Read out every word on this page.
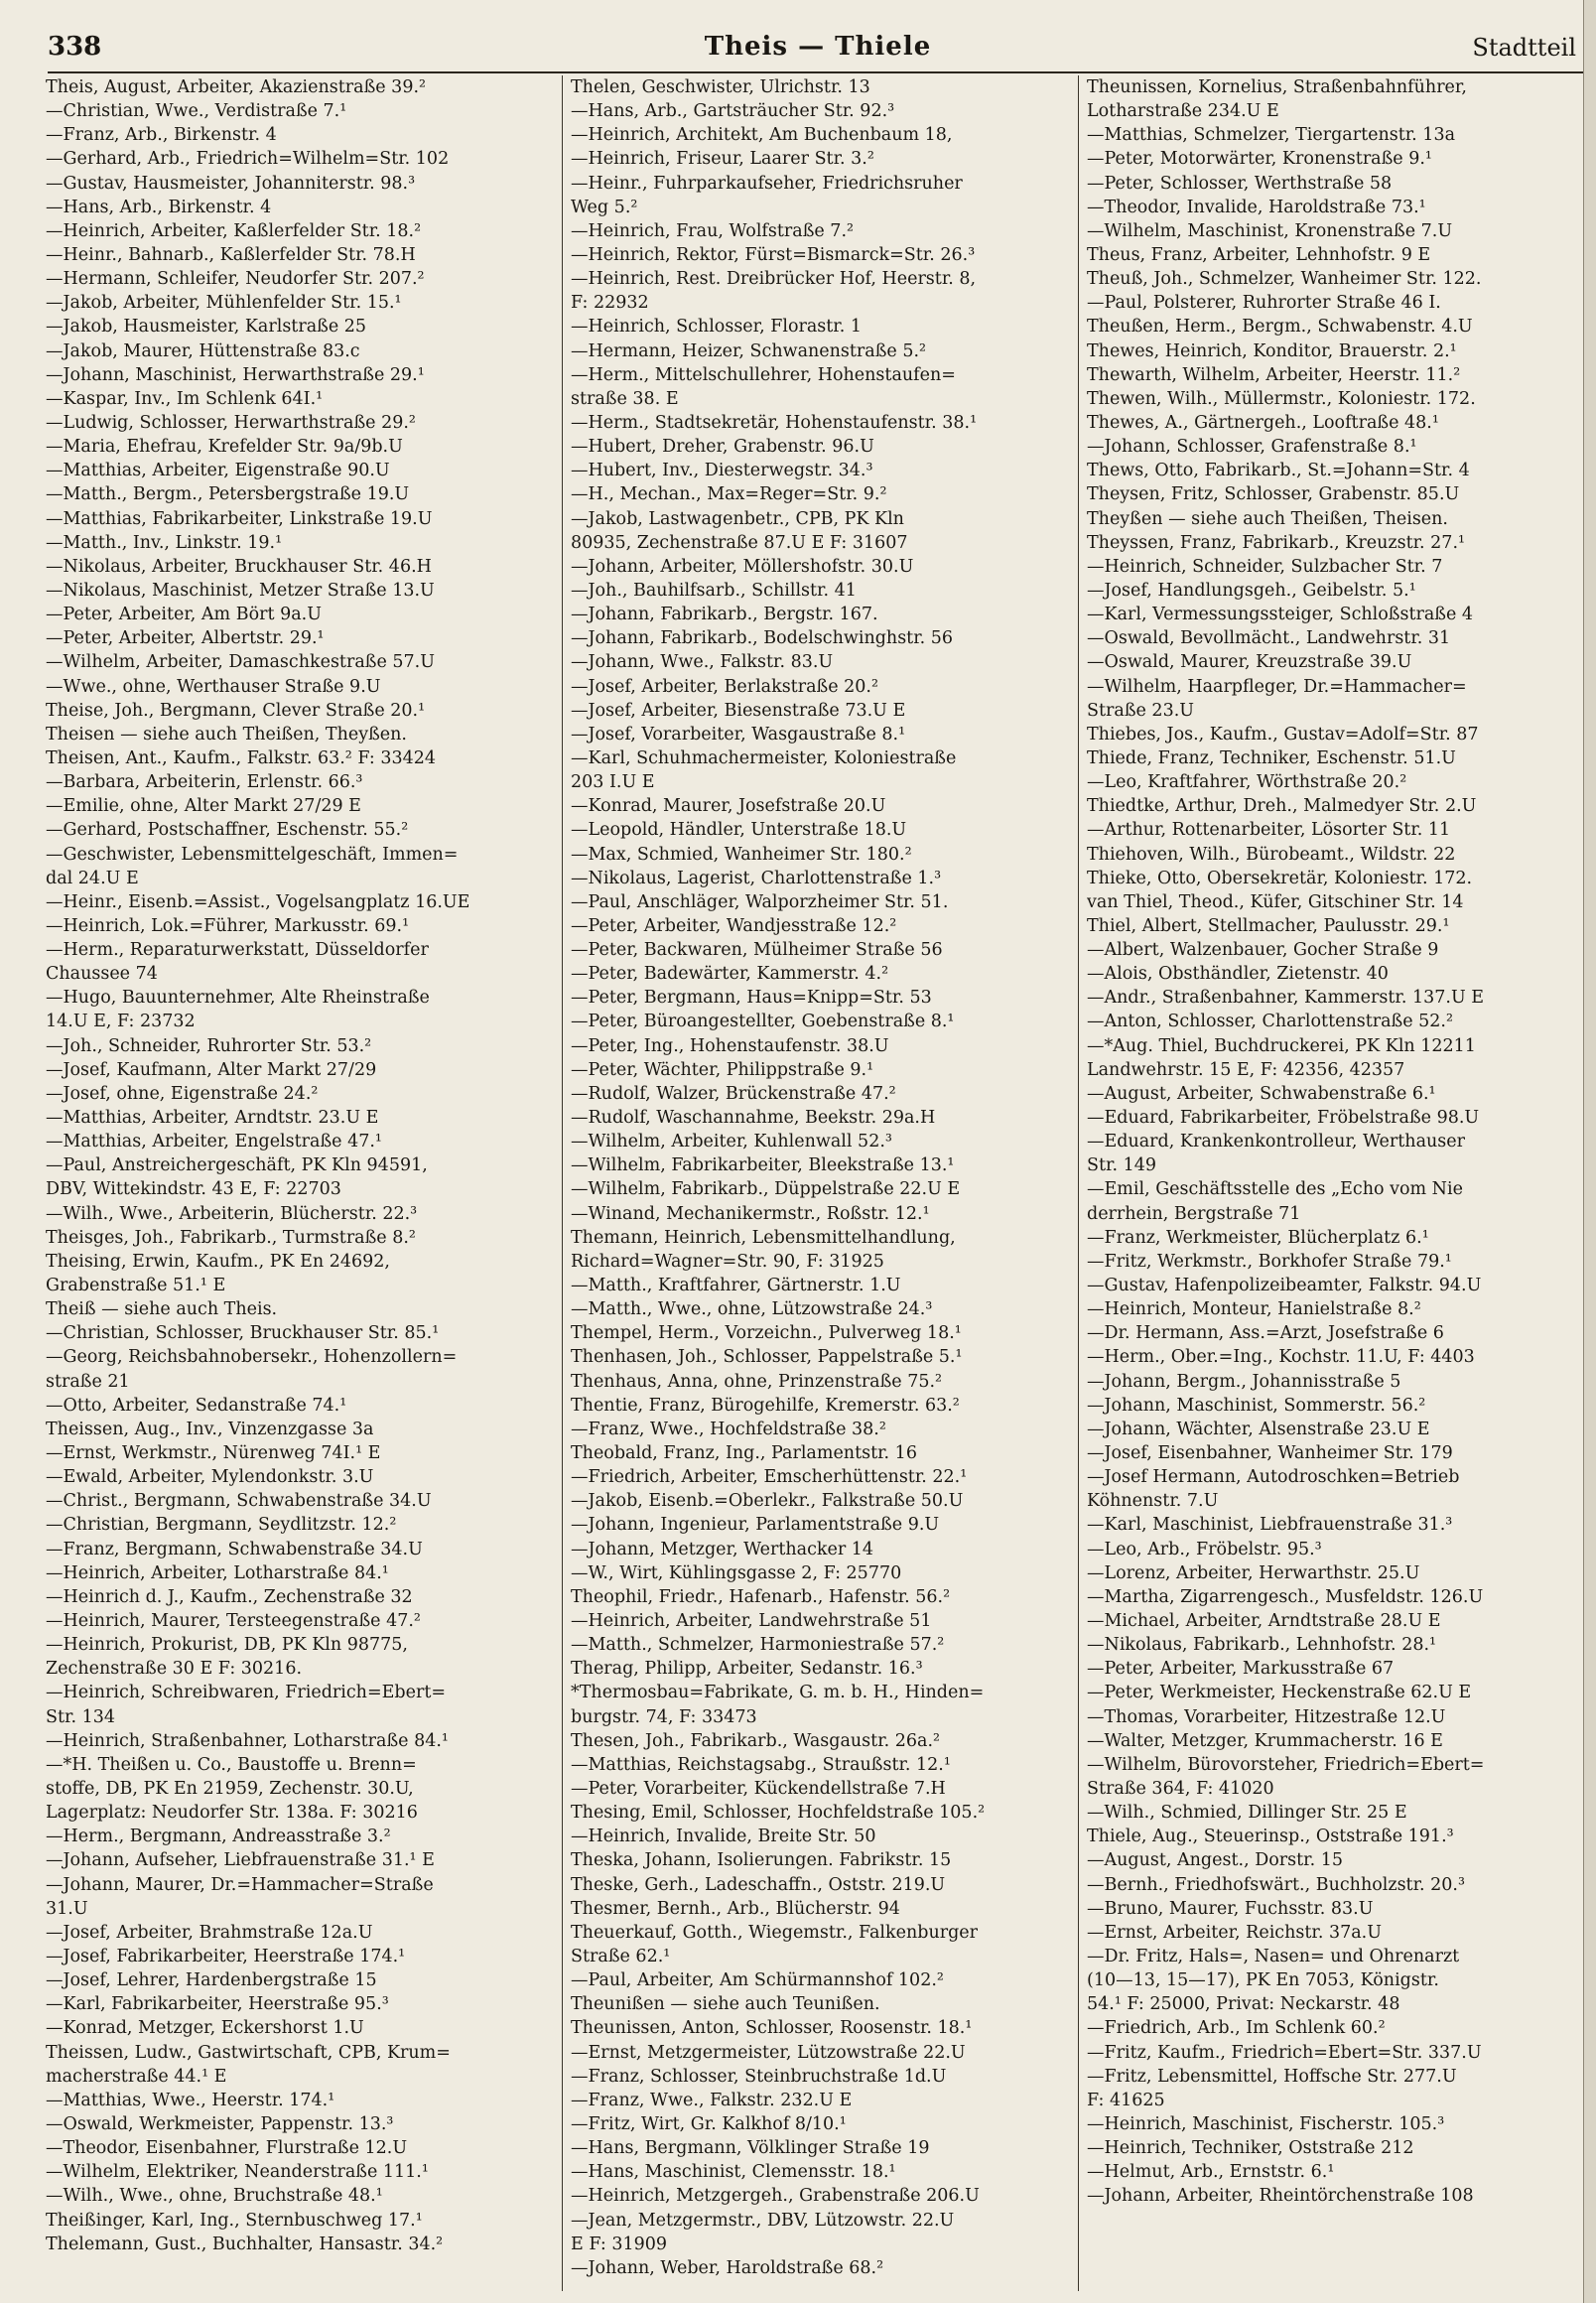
338	Theis — Thiele	Stadtteil
Theis, August, Arbeiter, Akazienstraße 39.²
—Christian, Wwe., Verdistraße 7.¹
—Franz, Arb., Birkenstr. 4
—Gerhard, Arb., Friedrich=Wilhelm=Str. 102
—Gustav, Hausmeister, Johanniterstr. 98.³
—Hans, Arb., Birkenstr. 4
—Heinrich, Arbeiter, Kaßlerfelder Str. 18.²
—Heinr., Bahnarb., Kaßlerfelder Str. 78.H
—Hermann, Schleifer, Neudorfer Str. 207.²
—Jakob, Arbeiter, Mühlenfelder Str. 15.¹
—Jakob, Hausmeister, Karlstraße 25
—Jakob, Maurer, Hüttenstraße 83.c
—Johann, Maschinist, Herwarthstraße 29.¹
—Kaspar, Inv., Im Schlenk 64I.¹
—Ludwig, Schlosser, Herwarthstraße 29.²
—Maria, Ehefrau, Krefelder Str. 9a/9b.U
—Matthias, Arbeiter, Eigenstraße 90.U
—Matth., Bergm., Petersbergstraße 19.U
—Matthias, Fabrikarbeiter, Linkstraße 19.U
—Matth., Inv., Linkstr. 19.¹
—Nikolaus, Arbeiter, Bruckhauser Str. 46.H
—Nikolaus, Maschinist, Metzer Straße 13.U
—Peter, Arbeiter, Am Bört 9a.U
—Peter, Arbeiter, Albertstr. 29.¹
—Wilhelm, Arbeiter, Damaschkestraße 57.U
—Wwe., ohne, Werthauser Straße 9.U
Theise, Joh., Bergmann, Clever Straße 20.¹
Theisen — siehe auch Theißen, Theyßen.
Theisen, Ant., Kaufm., Falkstr. 63.² F: 33424
—Barbara, Arbeiterin, Erlenstr. 66.³
—Emilie, ohne, Alter Markt 27/29 E
—Gerhard, Postschaffner, Eschenstr. 55.²
—Geschwister, Lebensmittelgeschäft, Immen=
dal 24.U E
—Heinr., Eisenb.=Assist., Vogelsangplatz 16.UE
—Heinrich, Lok.=Führer, Markusstr. 69.¹
—Herm., Reparaturwerkstatt, Düsseldorfer
Chaussee 74
—Hugo, Bauunternehmer, Alte Rheinstraße
14.U E, F: 23732
—Joh., Schneider, Ruhrorter Str. 53.²
—Josef, Kaufmann, Alter Markt 27/29
—Josef, ohne, Eigenstraße 24.²
—Matthias, Arbeiter, Arndtstr. 23.U E
—Matthias, Arbeiter, Engelstraße 47.¹
—Paul, Anstreichergeschäft, PK Kln 94591,
DBV, Wittekindstr. 43 E, F: 22703
—Wilh., Wwe., Arbeiterin, Blücherstr. 22.³
Theisges, Joh., Fabrikarb., Turmstraße 8.²
Theising, Erwin, Kaufm., PK En 24692,
Grabenstraße 51.¹ E
Theiß — siehe auch Theis.
—Christian, Schlosser, Bruckhauser Str. 85.¹
—Georg, Reichsbahnobersekr., Hohenzollern=
straße 21
—Otto, Arbeiter, Sedanstraße 74.¹
Theissen, Aug., Inv., Vinzenzgasse 3a
—Ernst, Werkmstr., Nürenweg 74I.¹ E
—Ewald, Arbeiter, Mylendonkstr. 3.U
—Christ., Bergmann, Schwabenstraße 34.U
—Christian, Bergmann, Seydlitzstr. 12.²
—Franz, Bergmann, Schwabenstraße 34.U
—Heinrich, Arbeiter, Lotharstraße 84.¹
—Heinrich d. J., Kaufm., Zechenstraße 32
—Heinrich, Maurer, Tersteegenstraße 47.²
—Heinrich, Prokurist, DB, PK Kln 98775,
Zechenstraße 30 E F: 30216.
—Heinrich, Schreibwaren, Friedrich=Ebert=
Str. 134
—Heinrich, Straßenbahner, Lotharstraße 84.¹
—*H. Theißen u. Co., Baustoffe u. Brenn=
stoffe, DB, PK En 21959, Zechenstr. 30.U,
Lagerplatz: Neudorfer Str. 138a. F: 30216
—Herm., Bergmann, Andreasstraße 3.²
—Johann, Aufseher, Liebfrauenstraße 31.¹ E
—Johann, Maurer, Dr.=Hammacher=Straße
31.U
—Josef, Arbeiter, Brahmstraße 12a.U
—Josef, Fabrikarbeiter, Heerstraße 174.¹
—Josef, Lehrer, Hardenbergstraße 15
—Karl, Fabrikarbeiter, Heerstraße 95.³
—Konrad, Metzger, Eckershorst 1.U
Theissen, Ludw., Gastwirtschaft, CPB, Krum=
macherstraße 44.¹ E
—Matthias, Wwe., Heerstr. 174.¹
—Oswald, Werkmeister, Pappenstr. 13.³
—Theodor, Eisenbahner, Flurstraße 12.U
—Wilhelm, Elektriker, Neanderstraße 111.¹
—Wilh., Wwe., ohne, Bruchstraße 48.¹
Theißinger, Karl, Ing., Sternbuschweg 17.¹
Thelemann, Gust., Buchhalter, Hansastr. 34.²
Thelen, Geschwister, Ulrichstr. 13
—Hans, Arb., Gartsträucher Str. 92.³
—Heinrich, Architekt, Am Buchenbaum 18,
—Heinrich, Friseur, Laarer Str. 3.²
—Heinr., Fuhrparkaufseher, Friedrichsruher
Weg 5.²
—Heinrich, Frau, Wolfstraße 7.²
—Heinrich, Rektor, Fürst=Bismarck=Str. 26.³
—Heinrich, Rest. Dreibrücker Hof, Heerstr. 8,
F: 22932
—Heinrich, Schlosser, Florastr. 1
—Hermann, Heizer, Schwanenstraße 5.²
—Herm., Mittelschullehrer, Hohenstaufen=
straße 38. E
—Herm., Stadtsekretär, Hohenstaufenstr. 38.¹
—Hubert, Dreher, Grabenstr. 96.U
—Hubert, Inv., Diesterwegstr. 34.³
—H., Mechan., Max=Reger=Str. 9.²
—Jakob, Lastwagenbetr., CPB, PK Kln
80935, Zechenstraße 87.U E F: 31607
—Johann, Arbeiter, Möllershofstr. 30.U
—Joh., Bauhilfsarb., Schillstr. 41
—Johann, Fabrikarb., Bergstr. 167.
—Johann, Fabrikarb., Bodelschwinghstr. 56
—Johann, Wwe., Falkstr. 83.U
—Josef, Arbeiter, Berlakstraße 20.²
—Josef, Arbeiter, Biesenstraße 73.U E
—Josef, Vorarbeiter, Wasgaustraße 8.¹
—Karl, Schuhmachermeister, Koloniestraße
203 I.U E
—Konrad, Maurer, Josefstraße 20.U
—Leopold, Händler, Unterstraße 18.U
—Max, Schmied, Wanheimer Str. 180.²
—Nikolaus, Lagerist, Charlottenstraße 1.³
—Paul, Anschläger, Walporzheimer Str. 51.
—Peter, Arbeiter, Wandjesstraße 12.²
—Peter, Backwaren, Mülheimer Straße 56
—Peter, Badewärter, Kammerstr. 4.²
—Peter, Bergmann, Haus=Knipp=Str. 53
—Peter, Büroangestellter, Goebenstraße 8.¹
—Peter, Ing., Hohenstaufenstr. 38.U
—Peter, Wächter, Philippstraße 9.¹
—Rudolf, Walzer, Brückenstraße 47.²
—Rudolf, Waschannahme, Beekstr. 29a.H
—Wilhelm, Arbeiter, Kuhlenwall 52.³
—Wilhelm, Fabrikarbeiter, Bleekstraße 13.¹
—Wilhelm, Fabrikarb., Düppelstraße 22.U E
—Winand, Mechanikermstr., Roßstr. 12.¹
Themann, Heinrich, Lebensmittelhandlung,
Richard=Wagner=Str. 90, F: 31925
—Matth., Kraftfahrer, Gärtnerstr. 1.U
—Matth., Wwe., ohne, Lützowstraße 24.³
Thempel, Herm., Vorzeichn., Pulverweg 18.¹
Thenhasen, Joh., Schlosser, Pappelstraße 5.¹
Thenhaus, Anna, ohne, Prinzenstraße 75.²
Thentie, Franz, Bürogehilfe, Kremerstr. 63.²
—Franz, Wwe., Hochfeldstraße 38.²
Theobald, Franz, Ing., Parlamentstr. 16
—Friedrich, Arbeiter, Emscherhüttenstr. 22.¹
—Jakob, Eisenb.=Oberlekr., Falkstraße 50.U
—Johann, Ingenieur, Parlamentstraße 9.U
—Johann, Metzger, Werthacker 14
—W., Wirt, Kühlingsgasse 2, F: 25770
Theophil, Friedr., Hafenarb., Hafenstr. 56.²
—Heinrich, Arbeiter, Landwehrstraße 51
—Matth., Schmelzer, Harmoniestraße 57.²
Therag, Philipp, Arbeiter, Sedanstr. 16.³
*Thermosbau=Fabrikate, G. m. b. H., Hinden=
burgstr. 74, F: 33473
Thesen, Joh., Fabrikarb., Wasgaustr. 26a.²
—Matthias, Reichstagsabg., Straußstr. 12.¹
—Peter, Vorarbeiter, Kückendellstraße 7.H
Thesing, Emil, Schlosser, Hochfeldstraße 105.²
—Heinrich, Invalide, Breite Str. 50
Theska, Johann, Isolierungen. Fabrikstr. 15
Theske, Gerh., Ladeschaffn., Oststr. 219.U
Thesmer, Bernh., Arb., Blücherstr. 94
Theuerkauf, Gotth., Wiegemstr., Falkenburger
Straße 62.¹
—Paul, Arbeiter, Am Schürmannshof 102.²
Theunißen — siehe auch Teunißen.
Theunissen, Anton, Schlosser, Roosenstr. 18.¹
—Ernst, Metzgermeister, Lützowstraße 22.U
—Franz, Schlosser, Steinbruchstraße 1d.U
—Franz, Wwe., Falkstr. 232.U E
—Fritz, Wirt, Gr. Kalkhof 8/10.¹
—Hans, Bergmann, Völklinger Straße 19
—Hans, Maschinist, Clemensstr. 18.¹
—Heinrich, Metzgergeh., Grabenstraße 206.U
—Jean, Metzgermstr., DBV, Lützowstr. 22.U
E F: 31909
—Johann, Weber, Haroldstraße 68.²
Theunissen, Kornelius, Straßenbahnführer,
Lotharstraße 234.U E
—Matthias, Schmelzer, Tiergartenstr. 13a
—Peter, Motorwärter, Kronenstraße 9.¹
—Peter, Schlosser, Werthstraße 58
—Theodor, Invalide, Haroldstraße 73.¹
—Wilhelm, Maschinist, Kronenstraße 7.U
Theus, Franz, Arbeiter, Lehnhofstr. 9 E
Theuß, Joh., Schmelzer, Wanheimer Str. 122.
—Paul, Polsterer, Ruhrorter Straße 46 I.
Theußen, Herm., Bergm., Schwabenstr. 4.U
Thewes, Heinrich, Konditor, Brauerstr. 2.¹
Thewarth, Wilhelm, Arbeiter, Heerstr. 11.²
Thewen, Wilh., Müllermstr., Koloniestr. 172.
Thewes, A., Gärtnergeh., Looftraße 48.¹
—Johann, Schlosser, Grafenstraße 8.¹
Thews, Otto, Fabrikarb., St.=Johann=Str. 4
Theysen, Fritz, Schlosser, Grabenstr. 85.U
Theyßen — siehe auch Theißen, Theisen.
Theyssen, Franz, Fabrikarb., Kreuzstr. 27.¹
—Heinrich, Schneider, Sulzbacher Str. 7
—Josef, Handlungsgeh., Geibelstr. 5.¹
—Karl, Vermessungssteiger, Schloßstraße 4
—Oswald, Bevollmächt., Landwehrstr. 31
—Oswald, Maurer, Kreuzstraße 39.U
—Wilhelm, Haarpfleger, Dr.=Hammacher=
Straße 23.U
Thiebes, Jos., Kaufm., Gustav=Adolf=Str. 87
Thiede, Franz, Techniker, Eschenstr. 51.U
—Leo, Kraftfahrer, Wörthstraße 20.²
Thiedtke, Arthur, Dreh., Malmedyer Str. 2.U
—Arthur, Rottenarbeiter, Lösorter Str. 11
Thiehoven, Wilh., Bürobeamt., Wildstr. 22
Thieke, Otto, Obersekretär, Koloniestr. 172.
van Thiel, Theod., Küfer, Gitschiner Str. 14
Thiel, Albert, Stellmacher, Paulusstr. 29.¹
—Albert, Walzenbauer, Gocher Straße 9
—Alois, Obsthändler, Zietenstr. 40
—Andr., Straßenbahner, Kammerstr. 137.U E
—Anton, Schlosser, Charlottenstraße 52.²
—*Aug. Thiel, Buchdruckerei, PK Kln 12211
Landwehrstr. 15 E, F: 42356, 42357
—August, Arbeiter, Schwabenstraße 6.¹
—Eduard, Fabrikarbeiter, Fröbelstraße 98.U
—Eduard, Krankenkontrolleur, Werthauser
Str. 149
—Emil, Geschäftsstelle des „Echo vom Nie
derrhein, Bergstraße 71
—Franz, Werkmeister, Blücherplatz 6.¹
—Fritz, Werkmstr., Borkhofer Straße 79.¹
—Gustav, Hafenpolizeibeamter, Falkstr. 94.U
—Heinrich, Monteur, Hanielstraße 8.²
—Dr. Hermann, Ass.=Arzt, Josefstraße 6
—Herm., Ober.=Ing., Kochstr. 11.U, F: 4403
—Johann, Bergm., Johannisstraße 5
—Johann, Maschinist, Sommerstr. 56.²
—Johann, Wächter, Alsenstraße 23.U E
—Josef, Eisenbahner, Wanheimer Str. 179
—Josef Hermann, Autodroschken=Betrieb
Köhnenstr. 7.U
—Karl, Maschinist, Liebfrauenstraße 31.³
—Leo, Arb., Fröbelstr. 95.³
—Lorenz, Arbeiter, Herwarthstr. 25.U
—Martha, Zigarrengesch., Musfeldstr. 126.U
—Michael, Arbeiter, Arndtstraße 28.U E
—Nikolaus, Fabrikarb., Lehnhofstr. 28.¹
—Peter, Arbeiter, Markusstraße 67
—Peter, Werkmeister, Heckenstraße 62.U E
—Thomas, Vorarbeiter, Hitzestraße 12.U
—Walter, Metzger, Krummacherstr. 16 E
—Wilhelm, Bürovorsteher, Friedrich=Ebert=
Straße 364, F: 41020
—Wilh., Schmied, Dillinger Str. 25 E
Thiele, Aug., Steuerinsp., Oststraße 191.³
—August, Angest., Dorstr. 15
—Bernh., Friedhofswärt., Buchholzstr. 20.³
—Bruno, Maurer, Fuchsstr. 83.U
—Ernst, Arbeiter, Reichstr. 37a.U
—Dr. Fritz, Hals=, Nasen= und Ohrenarzt
(10—13, 15—17), PK En 7053, Königstr.
54.¹ F: 25000, Privat: Neckarstr. 48
—Friedrich, Arb., Im Schlenk 60.²
—Fritz, Kaufm., Friedrich=Ebert=Str. 337.U
—Fritz, Lebensmittel, Hoffsche Str. 277.U
F: 41625
—Heinrich, Maschinist, Fischerstr. 105.³
—Heinrich, Techniker, Oststraße 212
—Helmut, Arb., Ernststr. 6.¹
—Johann, Arbeiter, Rheintörchenstraße 108
